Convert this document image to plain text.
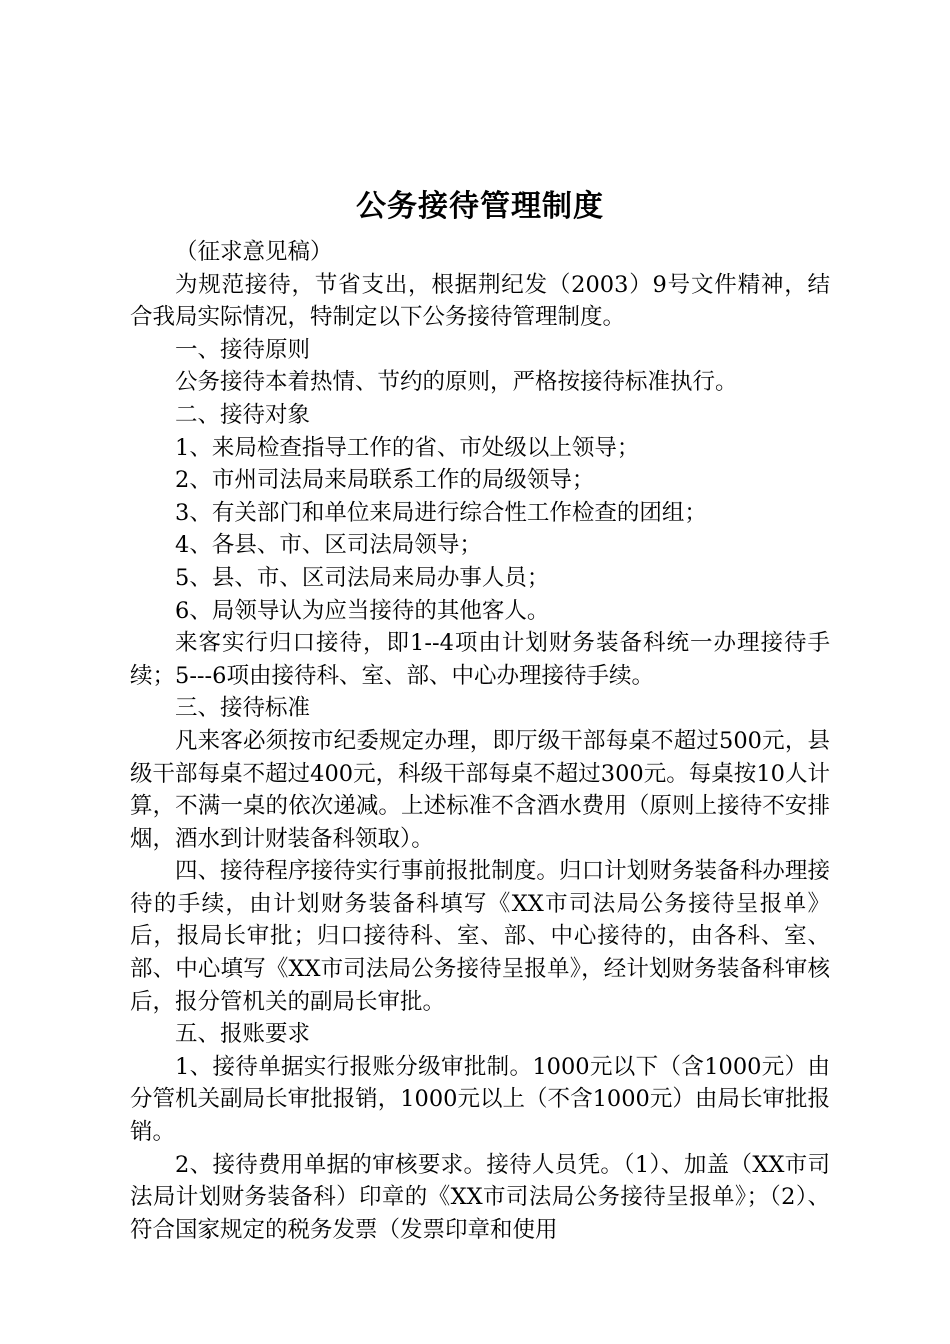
公务接待管理制度

（征求意见稿）

为规范接待，节省支出，根据荆纪发（2003）9号文件精神，结合我局实际情况，特制定以下公务接待管理制度。

一、接待原则

公务接待本着热情、节约的原则，严格按接待标准执行。

二、接待对象

1、来局检查指导工作的省、市处级以上领导；

2、市州司法局来局联系工作的局级领导；

3、有关部门和单位来局进行综合性工作检查的团组；

4、各县、市、区司法局领导；

5、县、市、区司法局来局办事人员；

6、局领导认为应当接待的其他客人。

来客实行归口接待，即1--4项由计划财务装备科统一办理接待手续；5---6项由接待科、室、部、中心办理接待手续。

三、接待标准

凡来客必须按市纪委规定办理，即厅级干部每桌不超过500元，县级干部每桌不超过400元，科级干部每桌不超过300元。每桌按10人计算，不满一桌的依次递减。上述标准不含酒水费用（原则上接待不安排烟，酒水到计财装备科领取）。

四、接待程序接待实行事前报批制度。归口计划财务装备科办理接待的手续，由计划财务装备科填写《XX市司法局公务接待呈报单》后，报局长审批；归口接待科、室、部、中心接待的，由各科、室、部、中心填写《XX市司法局公务接待呈报单》，经计划财务装备科审核后，报分管机关的副局长审批。

五、报账要求

1、接待单据实行报账分级审批制。1000元以下（含1000元）由分管机关副局长审批报销，1000元以上（不含1000元）由局长审批报销。

2、接待费用单据的审核要求。接待人员凭。（1）、加盖（XX市司法局计划财务装备科）印章的《XX市司法局公务接待呈报单》；（2）、符合国家规定的税务发票（发票印章和使用
